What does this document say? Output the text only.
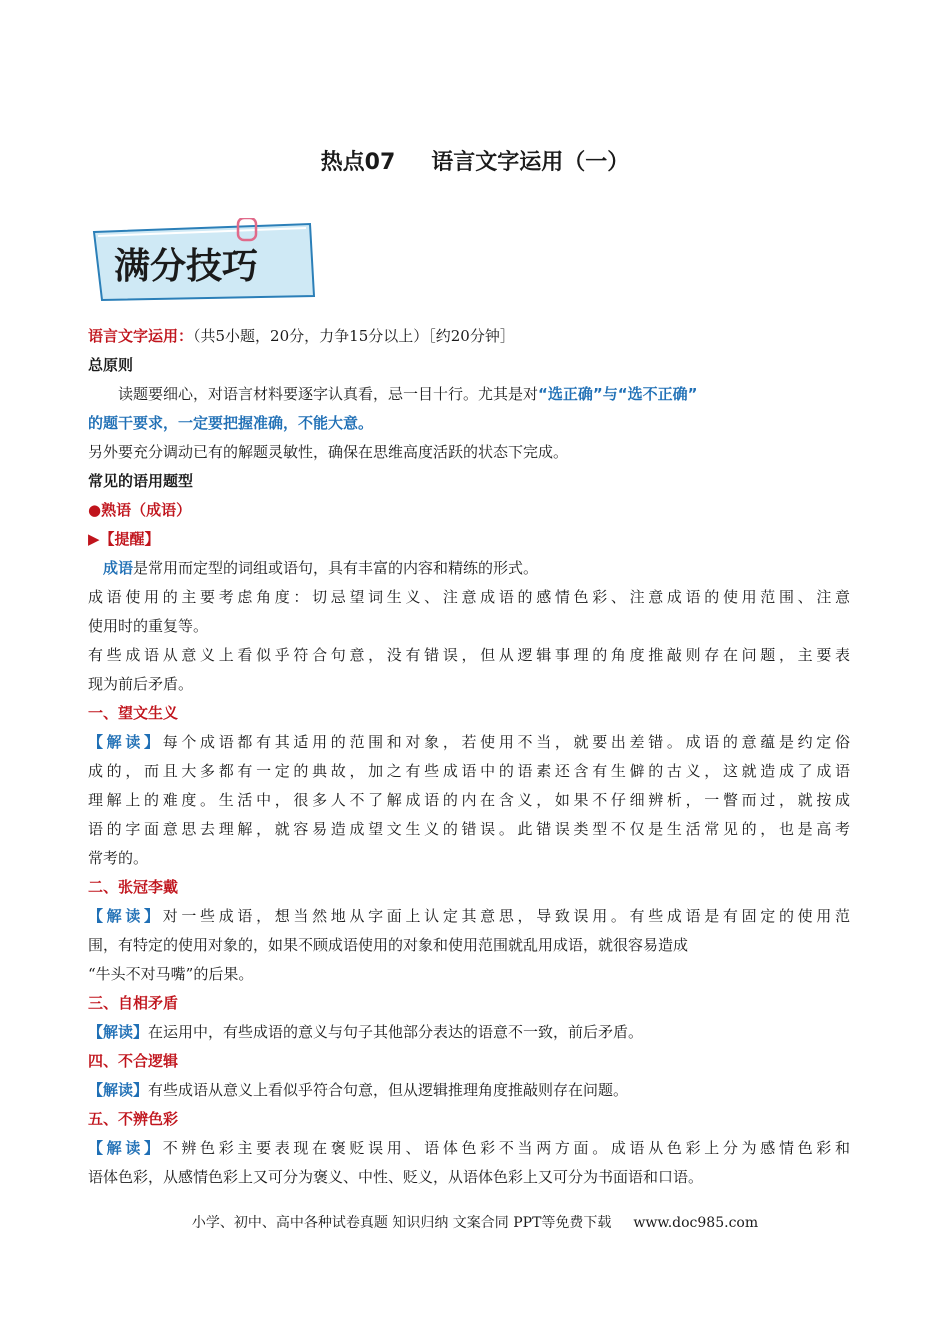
热点07 语言文字运用（一）
满分技巧
语言文字运用：（共5小题，20分，力争15分以上）［约20分钟］
总原则
读题要细心，对语言材料要逐字认真看，忌一目十行。尤其是对“选正确”与“选不正确”
的题干要求，一定要把握准确，不能大意。
另外要充分调动已有的解题灵敏性，确保在思维高度活跃的状态下完成。
常见的语用题型
●熟语（成语）
▶【提醒】
成语是常用而定型的词组或语句，具有丰富的内容和精练的形式。
成语使用的主要考虑角度：切忌望词生义、注意成语的感情色彩、注意成语的使用范围、注意
使用时的重复等。
有些成语从意义上看似乎符合句意，没有错误，但从逻辑事理的角度推敲则存在问题，主要表
现为前后矛盾。
一、望文生义
【解读】每个成语都有其适用的范围和对象，若使用不当，就要出差错。成语的意蕴是约定俗
成的，而且大多都有一定的典故，加之有些成语中的语素还含有生僻的古义，这就造成了成语
理解上的难度。生活中，很多人不了解成语的内在含义，如果不仔细辨析，一瞥而过，就按成
语的字面意思去理解，就容易造成望文生义的错误。此错误类型不仅是生活常见的，也是高考
常考的。
二、张冠李戴
【解读】对一些成语，想当然地从字面上认定其意思，导致误用。有些成语是有固定的使用范
围，有特定的使用对象的，如果不顾成语使用的对象和使用范围就乱用成语，就很容易造成
“牛头不对马嘴”的后果。
三、自相矛盾
【解读】在运用中，有些成语的意义与句子其他部分表达的语意不一致，前后矛盾。
四、不合逻辑
【解读】有些成语从意义上看似乎符合句意，但从逻辑推理角度推敲则存在问题。
五、不辨色彩
【解读】不辨色彩主要表现在褒贬误用、语体色彩不当两方面。成语从色彩上分为感情色彩和
语体色彩，从感情色彩上又可分为褒义、中性、贬义，从语体色彩上又可分为书面语和口语。
小学、初中、高中各种试卷真题 知识归纳 文案合同 PPT等免费下载 www.doc985.com
